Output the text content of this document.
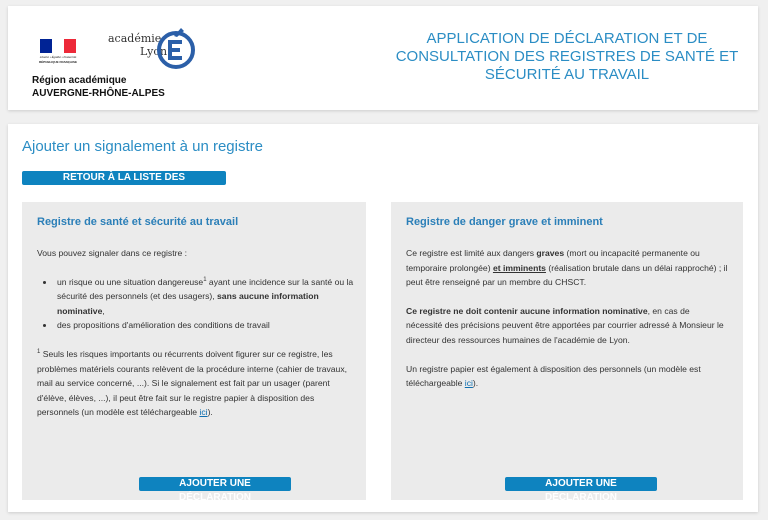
Liberté • Égalité • Fraternité
RÉPUBLIQUE FRANÇAISE
académie
Lyon
Région académique
AUVERGNE-RHÔNE-ALPES
APPLICATION DE DÉCLARATION ET DE CONSULTATION DES REGISTRES DE SANTÉ ET SÉCURITÉ AU TRAVAIL
Ajouter un signalement à un registre
RETOUR À LA LISTE DES DÉCLARATIONS
Registre de santé et sécurité au travail

Vous pouvez signaler dans ce registre :

• un risque ou une situation dangereuse$^1$ ayant une incidence sur la santé ou la sécurité des personnels (et des usagers), sans aucune information nominative,
• des propositions d'amélioration des conditions de travail

$^1$ Seuls les risques importants ou récurrents doivent figurer sur ce registre, les problèmes matériels courants relèvent de la procédure interne (cahier de travaux, mail au service concerné, ...). Si le signalement est fait par un usager (parent d'élève, élèves, ...), il peut être fait sur le registre papier à disposition des personnels (un modèle est téléchargeable ici).

Registre de danger grave et imminent

Ce registre est limité aux dangers graves (mort ou incapacité permanente ou temporaire prolongée) et imminents (réalisation brutale dans un délai rapproché) ; il peut être renseigné par un membre du CHSCT.

Ce registre ne doit contenir aucune information nominative, en cas de nécessité des précisions peuvent être apportées par courrier adressé à Monsieur le directeur des ressources humaines de l'académie de Lyon.

Un registre papier est également à disposition des personnels (un modèle est téléchargeable ici).

AJOUTER UNE DÉCLARATION
AJOUTER UNE DÉCLARATION
